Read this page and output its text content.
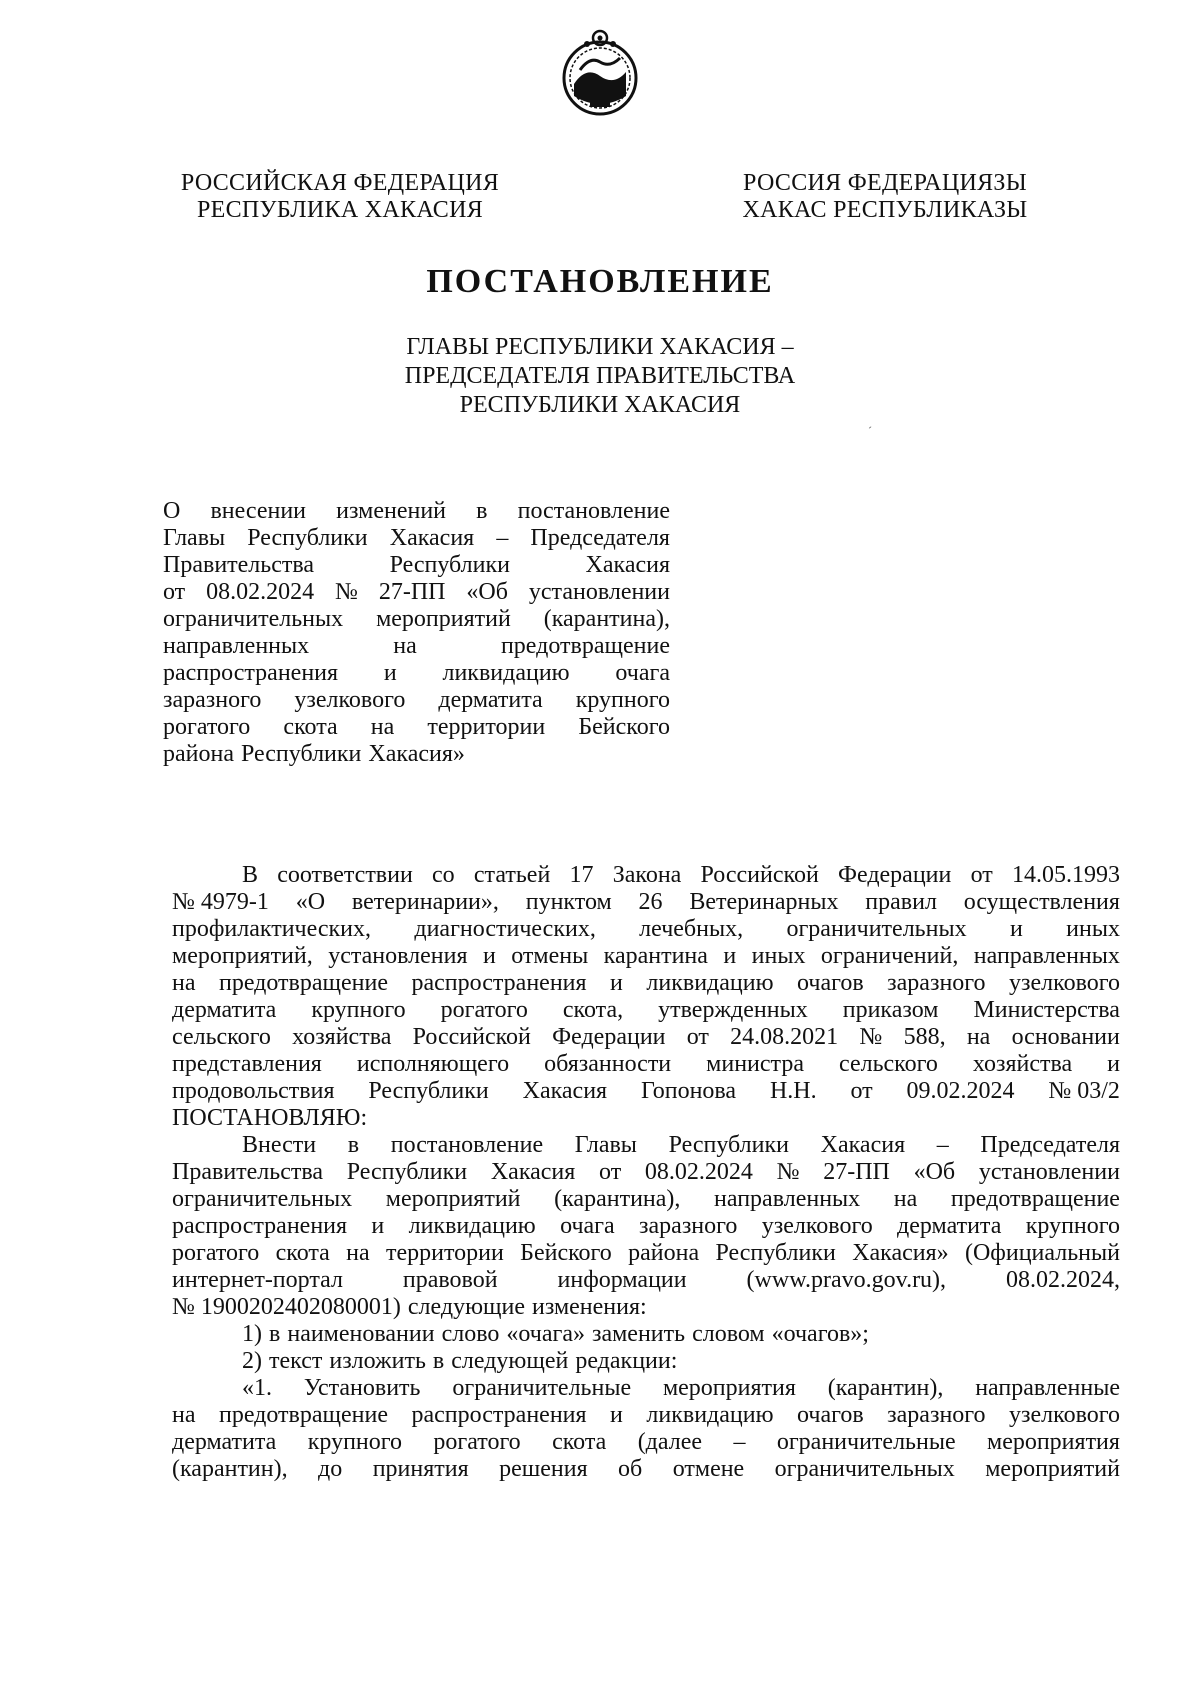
РОССИЙСКАЯ ФЕДЕРАЦИЯ
РЕСПУБЛИКА ХАКАСИЯ
РОССИЯ ФЕДЕРАЦИЯЗЫ
ХАКАС РЕСПУБЛИКАЗЫ
ПОСТАНОВЛЕНИЕ
ГЛАВЫ РЕСПУБЛИКИ ХАКАСИЯ –
ПРЕДСЕДАТЕЛЯ ПРАВИТЕЛЬСТВА
РЕСПУБЛИКИ ХАКАСИЯ
ˊ
О внесении изменений в постановление
Главы Республики Хакасия – Председателя
Правительства	Республики	Хакасия
от 08.02.2024 № 27-ПП «Об установлении
ограничительных мероприятий (карантина),
направленных	на	предотвращение
распространения и ликвидацию очага
заразного узелкового дерматита крупного
рогатого скота на территории Бейского
района Республики Хакасия»
В соответствии со статьей 17 Закона Российской Федерации от 14.05.1993
№ 4979-1 «О ветеринарии», пунктом 26 Ветеринарных правил осуществления
профилактических, диагностических, лечебных, ограничительных и иных
мероприятий, установления и отмены карантина и иных ограничений, направленных
на предотвращение распространения и ликвидацию очагов заразного узелкового
дерматита крупного рогатого скота, утвержденных приказом Министерства
сельского хозяйства Российской Федерации от 24.08.2021 № 588, на основании
представления исполняющего обязанности министра сельского хозяйства и
продовольствия Республики Хакасия Гопонова Н.Н. от 09.02.2024 № 03/2
ПОСТАНОВЛЯЮ:
Внести в постановление Главы Республики Хакасия – Председателя
Правительства Республики Хакасия от 08.02.2024 № 27-ПП «Об установлении
ограничительных мероприятий (карантина), направленных на предотвращение
распространения и ликвидацию очага заразного узелкового дерматита крупного
рогатого скота на территории Бейского района Республики Хакасия» (Официальный
интернет-портал правовой информации (www.pravo.gov.ru), 08.02.2024,
№ 1900202402080001) следующие изменения:
1) в наименовании слово «очага» заменить словом «очагов»;
2) текст изложить в следующей редакции:
«1. Установить ограничительные мероприятия (карантин), направленные
на предотвращение распространения и ликвидацию очагов заразного узелкового
дерматита крупного рогатого скота (далее – ограничительные мероприятия
(карантин), до принятия решения об отмене ограничительных мероприятий
